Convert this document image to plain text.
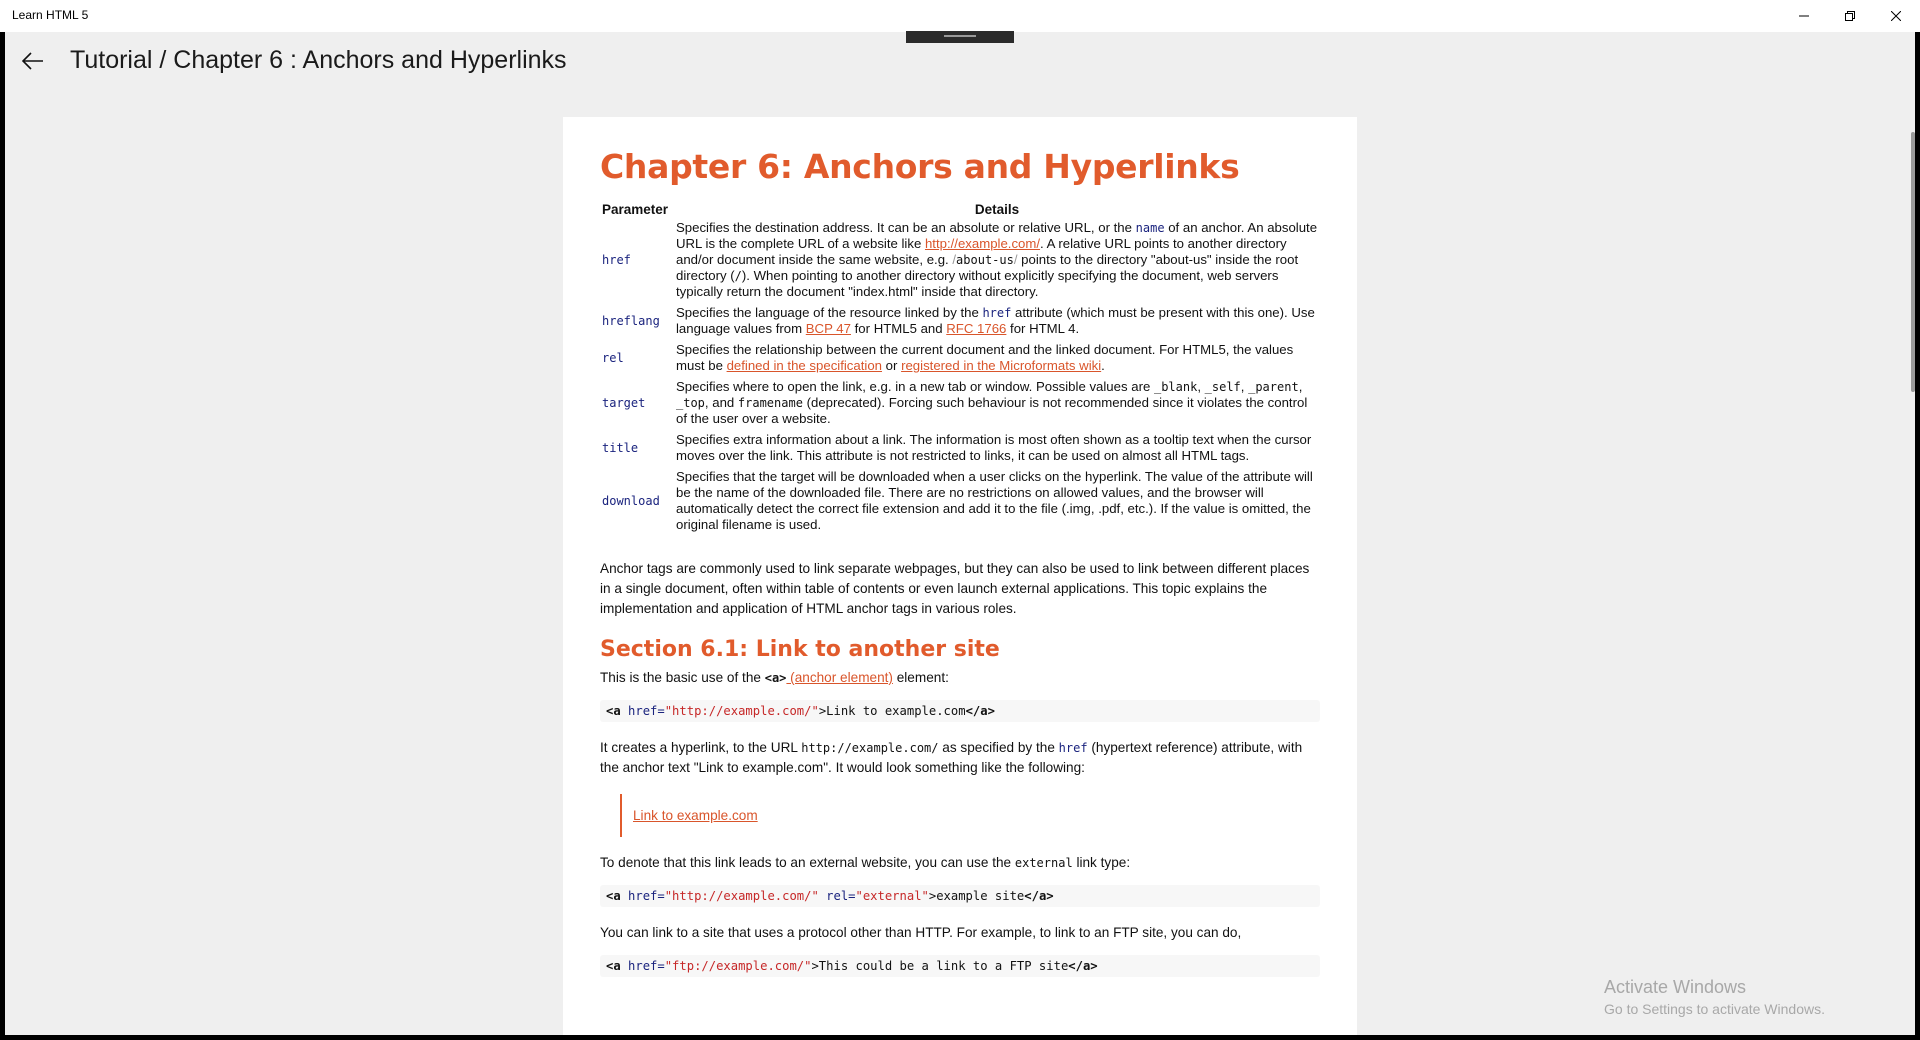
Learn HTML 5
Tutorial / Chapter 6 : Anchors and Hyperlinks
Chapter 6: Anchors and Hyperlinks
Parameter	Details
href	Specifies the destination address. It can be an absolute or relative URL, or the name of an anchor. An absolute URL is the complete URL of a website like http://example.com/. A relative URL points to another directory and/or document inside the same website, e.g. /about-us/ points to the directory "about-us" inside the root directory (/). When pointing to another directory without explicitly specifying the document, web servers typically return the document "index.html" inside that directory.
hreflang	Specifies the language of the resource linked by the href attribute (which must be present with this one). Use language values from BCP 47 for HTML5 and RFC 1766 for HTML 4.
rel	Specifies the relationship between the current document and the linked document. For HTML5, the values must be defined in the specification or registered in the Microformats wiki.
target	Specifies where to open the link, e.g. in a new tab or window. Possible values are _blank, _self, _parent, _top, and framename (deprecated). Forcing such behaviour is not recommended since it violates the control of the user over a website.
title	Specifies extra information about a link. The information is most often shown as a tooltip text when the cursor moves over the link. This attribute is not restricted to links, it can be used on almost all HTML tags.
download	Specifies that the target will be downloaded when a user clicks on the hyperlink. The value of the attribute will be the name of the downloaded file. There are no restrictions on allowed values, and the browser will automatically detect the correct file extension and add it to the file (.img, .pdf, etc.). If the value is omitted, the original filename is used.

Anchor tags are commonly used to link separate webpages, but they can also be used to link between different places in a single document, often within table of contents or even launch external applications. This topic explains the implementation and application of HTML anchor tags in various roles.

Section 6.1: Link to another site

This is the basic use of the <a> (anchor element) element:

<a href="http://example.com/">Link to example.com</a>

It creates a hyperlink, to the URL http://example.com/ as specified by the href (hypertext reference) attribute, with the anchor text "Link to example.com". It would look something like the following:

Link to example.com

To denote that this link leads to an external website, you can use the external link type:

<a href="http://example.com/" rel="external">example site</a>

You can link to a site that uses a protocol other than HTTP. For example, to link to an FTP site, you can do,

<a href="ftp://example.com/">This could be a link to a FTP site</a>
Activate Windows
Go to Settings to activate Windows.
